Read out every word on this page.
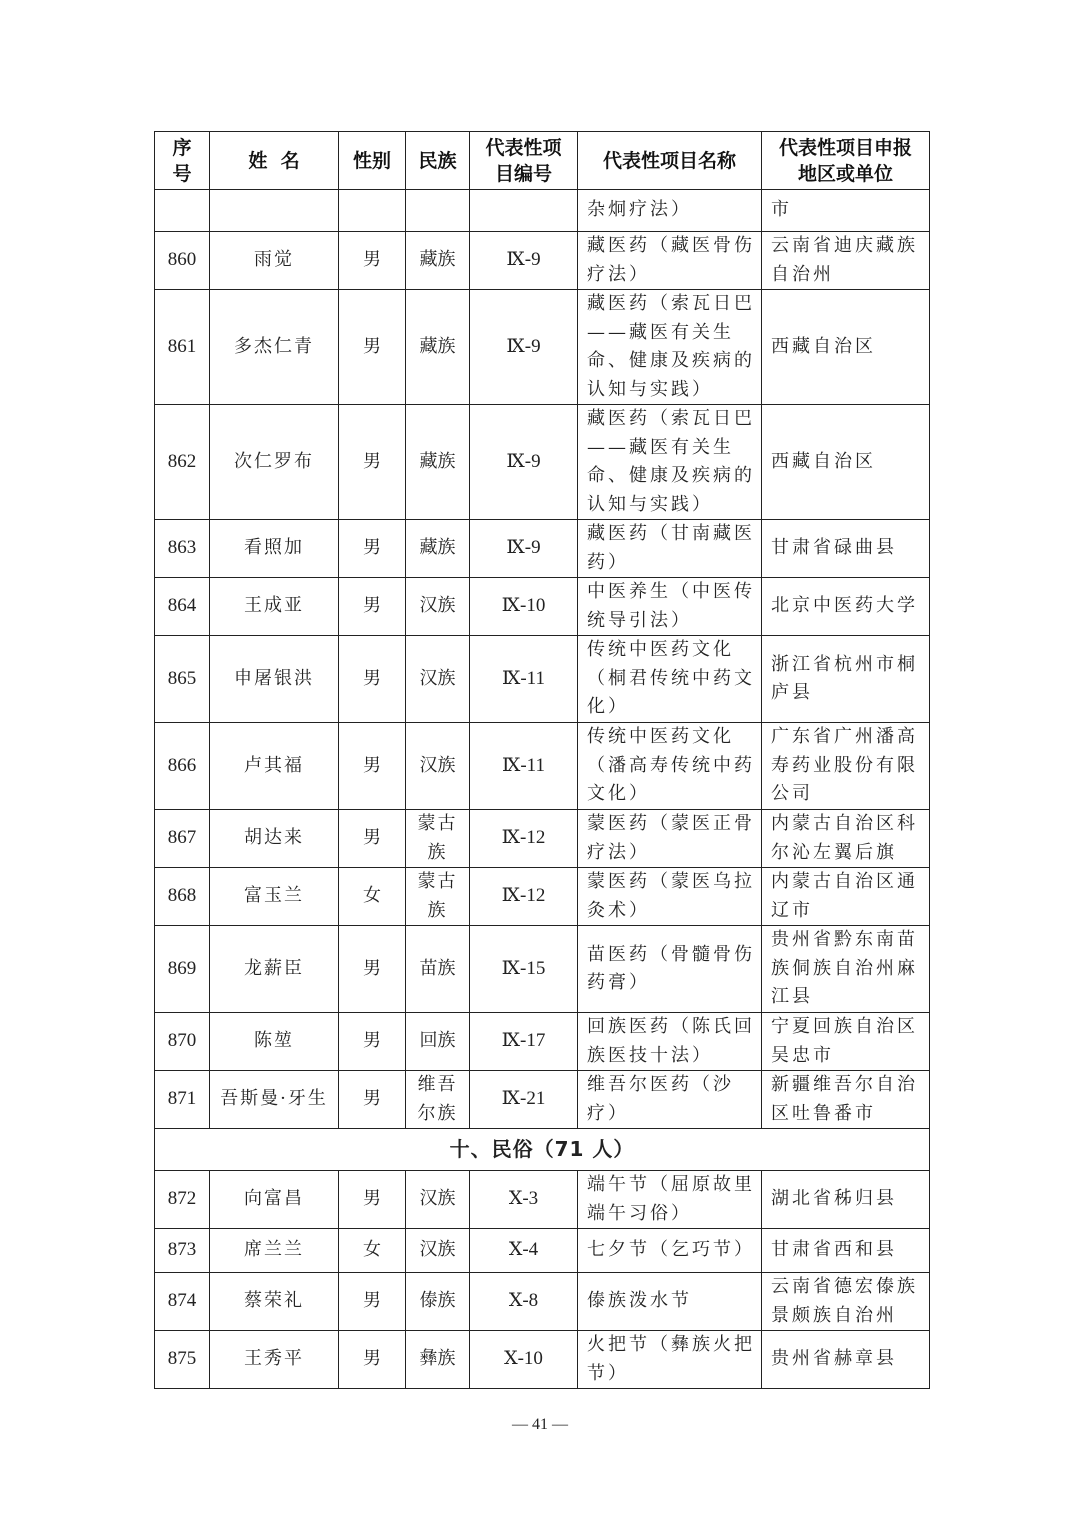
序号	姓  名	性别	民族	代表性项目编号	代表性项目名称	代表性项目申报地区或单位

					杂炯疗法）	市
860	雨觉	男	藏族	Ⅸ-9	藏医药（藏医骨伤疗法）	云南省迪庆藏族自治州
861	多杰仁青	男	藏族	Ⅸ-9	藏医药（索瓦日巴——藏医有关生命、健康及疾病的认知与实践）	西藏自治区
862	次仁罗布	男	藏族	Ⅸ-9	藏医药（索瓦日巴——藏医有关生命、健康及疾病的认知与实践）	西藏自治区
863	看照加	男	藏族	Ⅸ-9	藏医药（甘南藏医药）	甘肃省碌曲县
864	王成亚	男	汉族	Ⅸ-10	中医养生（中医传统导引法）	北京中医药大学
865	申屠银洪	男	汉族	Ⅸ-11	传统中医药文化（桐君传统中药文化）	浙江省杭州市桐庐县
866	卢其福	男	汉族	Ⅸ-11	传统中医药文化（潘高寿传统中药文化）	广东省广州潘高寿药业股份有限公司
867	胡达来	男	蒙古族	Ⅸ-12	蒙医药（蒙医正骨疗法）	内蒙古自治区科尔沁左翼后旗
868	富玉兰	女	蒙古族	Ⅸ-12	蒙医药（蒙医乌拉灸术）	内蒙古自治区通辽市
869	龙薪臣	男	苗族	Ⅸ-15	苗医药（骨髓骨伤药膏）	贵州省黔东南苗族侗族自治州麻江县
870	陈堃	男	回族	Ⅸ-17	回族医药（陈氏回族医技十法）	宁夏回族自治区吴忠市
871	吾斯曼·牙生	男	维吾尔族	Ⅸ-21	维吾尔医药（沙疗）	新疆维吾尔自治区吐鲁番市
十、民俗（71 人）						
872	向富昌	男	汉族	Ⅹ-3	端午节（屈原故里端午习俗）	湖北省秭归县
873	席兰兰	女	汉族	Ⅹ-4	七夕节（乞巧节）	甘肃省西和县
874	蔡荣礼	男	傣族	Ⅹ-8	傣族泼水节	云南省德宏傣族景颇族自治州
875	王秀平	男	彝族	Ⅹ-10	火把节（彝族火把节）	贵州省赫章县
— 41 —
